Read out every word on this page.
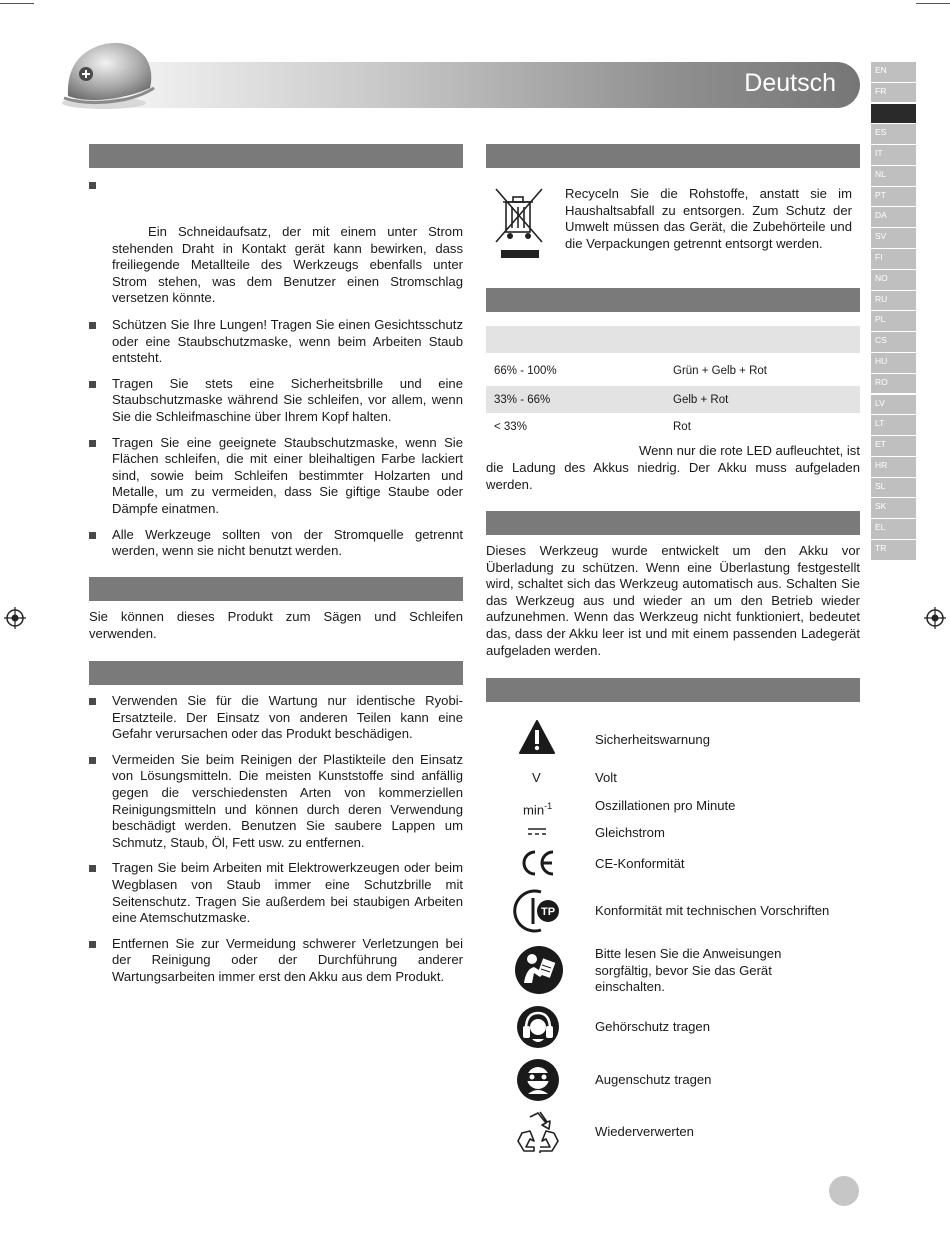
Deutsch	EN
FR
ES
IT
NL
PT
DA
SV
FI
NO
RU
PL
CS
HU
RO
LV
LT
ET
HR
SL
SK
EL
TR
Ein Schneidaufsatz, der mit einem unter Strom stehenden Draht in Kontakt gerät kann bewirken, dass freiliegende Metallteile des Werkzeugs ebenfalls unter Strom stehen, was dem Benutzer einen Stromschlag versetzen könnte.
Schützen Sie Ihre Lungen! Tragen Sie einen Gesichtsschutz oder eine Staubschutzmaske, wenn beim Arbeiten Staub entsteht.
Tragen Sie stets eine Sicherheitsbrille und eine Staubschutzmaske während Sie schleifen, vor allem, wenn Sie die Schleifmaschine über Ihrem Kopf halten.
Tragen Sie eine geeignete Staubschutzmaske, wenn Sie Flächen schleifen, die mit einer bleihaltigen Farbe lackiert sind, sowie beim Schleifen bestimmter Holzarten und Metalle, um zu vermeiden, dass Sie giftige Staube oder Dämpfe einatmen.
Alle Werkzeuge sollten von der Stromquelle getrennt werden, wenn sie nicht benutzt werden.
Sie können dieses Produkt zum Sägen und Schleifen verwenden.
Verwenden Sie für die Wartung nur identische Ryobi-Ersatzteile. Der Einsatz von anderen Teilen kann eine Gefahr verursachen oder das Produkt beschädigen.
Vermeiden Sie beim Reinigen der Plastikteile den Einsatz von Lösungsmitteln. Die meisten Kunststoffe sind anfällig gegen die verschiedensten Arten von kommerziellen Reinigungsmitteln und können durch deren Verwendung beschädigt werden. Benutzen Sie saubere Lappen um Schmutz, Staub, Öl, Fett usw. zu entfernen.
Tragen Sie beim Arbeiten mit Elektrowerkzeugen oder beim Wegblasen von Staub immer eine Schutzbrille mit Seitenschutz. Tragen Sie außerdem bei staubigen Arbeiten eine Atemschutzmaske.
Entfernen Sie zur Vermeidung schwerer Verletzungen bei der Reinigung oder der Durchführung anderer Wartungsarbeiten immer erst den Akku aus dem Produkt.
Recyceln Sie die Rohstoffe, anstatt sie im Haushaltsabfall zu entsorgen. Zum Schutz der Umwelt müssen das Gerät, die Zubehörteile und die Verpackungen getrennt entsorgt werden.
66% - 100%	Grün + Gelb + Rot
33% - 66%	Gelb + Rot
< 33%	Rot
Wenn nur die rote LED aufleuchtet, ist
die Ladung des Akkus niedrig. Der Akku muss aufgeladen werden.
Dieses Werkzeug wurde entwickelt um den Akku vor Überladung zu schützen. Wenn eine Überlastung festgestellt wird, schaltet sich das Werkzeug automatisch aus. Schalten Sie das Werkzeug aus und wieder an um den Betrieb wieder aufzunehmen. Wenn das Werkzeug nicht funktioniert, bedeutet das, dass der Akku leer ist und mit einem passenden Ladegerät aufgeladen werden.
Sicherheitswarnung
V	Volt
$\min^{-1}$	Oszillationen pro Minute
Gleichstrom
CE-Konformität
TP	Konformität mit technischen Vorschriften
Bitte lesen Sie die Anweisungen sorgfältig, bevor Sie das Gerät einschalten.
Gehörschutz tragen
Augenschutz tragen
Wiederverwerten
